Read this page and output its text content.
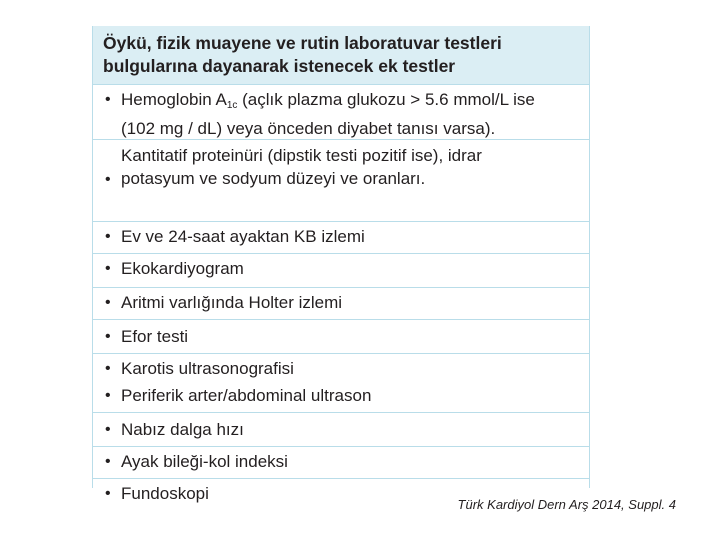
Öykü, fizik muayene ve rutin laboratuvar testleri
bulgularına dayanarak istenecek ek testler
• Hemoglobin $A_{1c}$ (açlık plazma glukozu > 5.6 mmol/L ise
(102 mg / dL) veya önceden diyabet tanısı varsa).
•
Kantitatif proteinüri (dipstik testi pozitif ise), idrar
potasyum ve sodyum düzeyi ve oranları.
• Ev ve 24-saat ayaktan KB izlemi
• Ekokardiyogram
• Aritmi varlığında Holter izlemi
• Efor testi
• Karotis ultrasonografisi
• Periferik arter/abdominal ultrason
• Nabız dalga hızı
• Ayak bileği-kol indeksi
• Fundoskopi
Türk Kardiyol Dern Arş 2014, Suppl. 4
